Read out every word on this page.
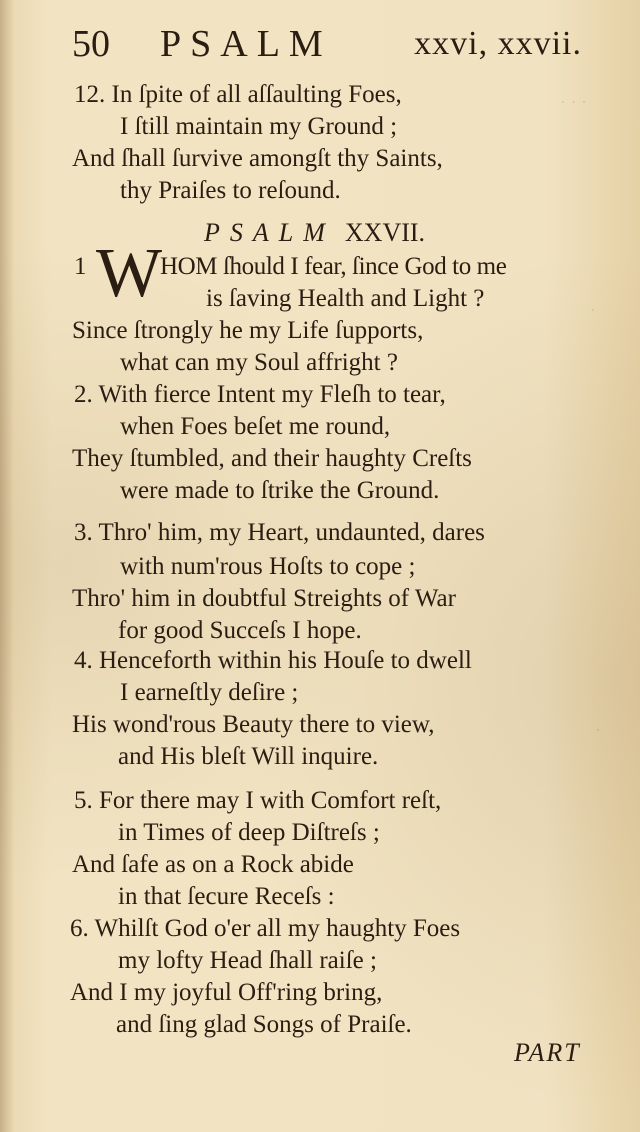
· · ·
·
·
50 PSALM xxvi, xxvii.
12. In ſpite of all aſſaulting Foes,
I ſtill maintain my Ground ;
And ſhall ſurvive amongſt thy Saints,
thy Praiſes to reſound.
PSALM XXVII.
1 W
HOM ſhould I fear, ſince God to me
is ſaving Health and Light ?
Since ſtrongly he my Life ſupports,
what can my Soul affright ?
2. With fierce Intent my Fleſh to tear,
when Foes beſet me round,
They ſtumbled, and their haughty Creſts
were made to ſtrike the Ground.
3. Thro' him, my Heart, undaunted, dares
with num'rous Hoſts to cope ;
Thro' him in doubtful Streights of War
for good Succeſs I hope.
4. Henceforth within his Houſe to dwell
I earneſtly deſire ;
His wond'rous Beauty there to view,
and His bleſt Will inquire.
5. For there may I with Comfort reſt,
in Times of deep Diſtreſs ;
And ſafe as on a Rock abide
in that ſecure Receſs :
6. Whilſt God o'er all my haughty Foes
my lofty Head ſhall raiſe ;
And I my joyful Off'ring bring,
and ſing glad Songs of Praiſe.
PART
